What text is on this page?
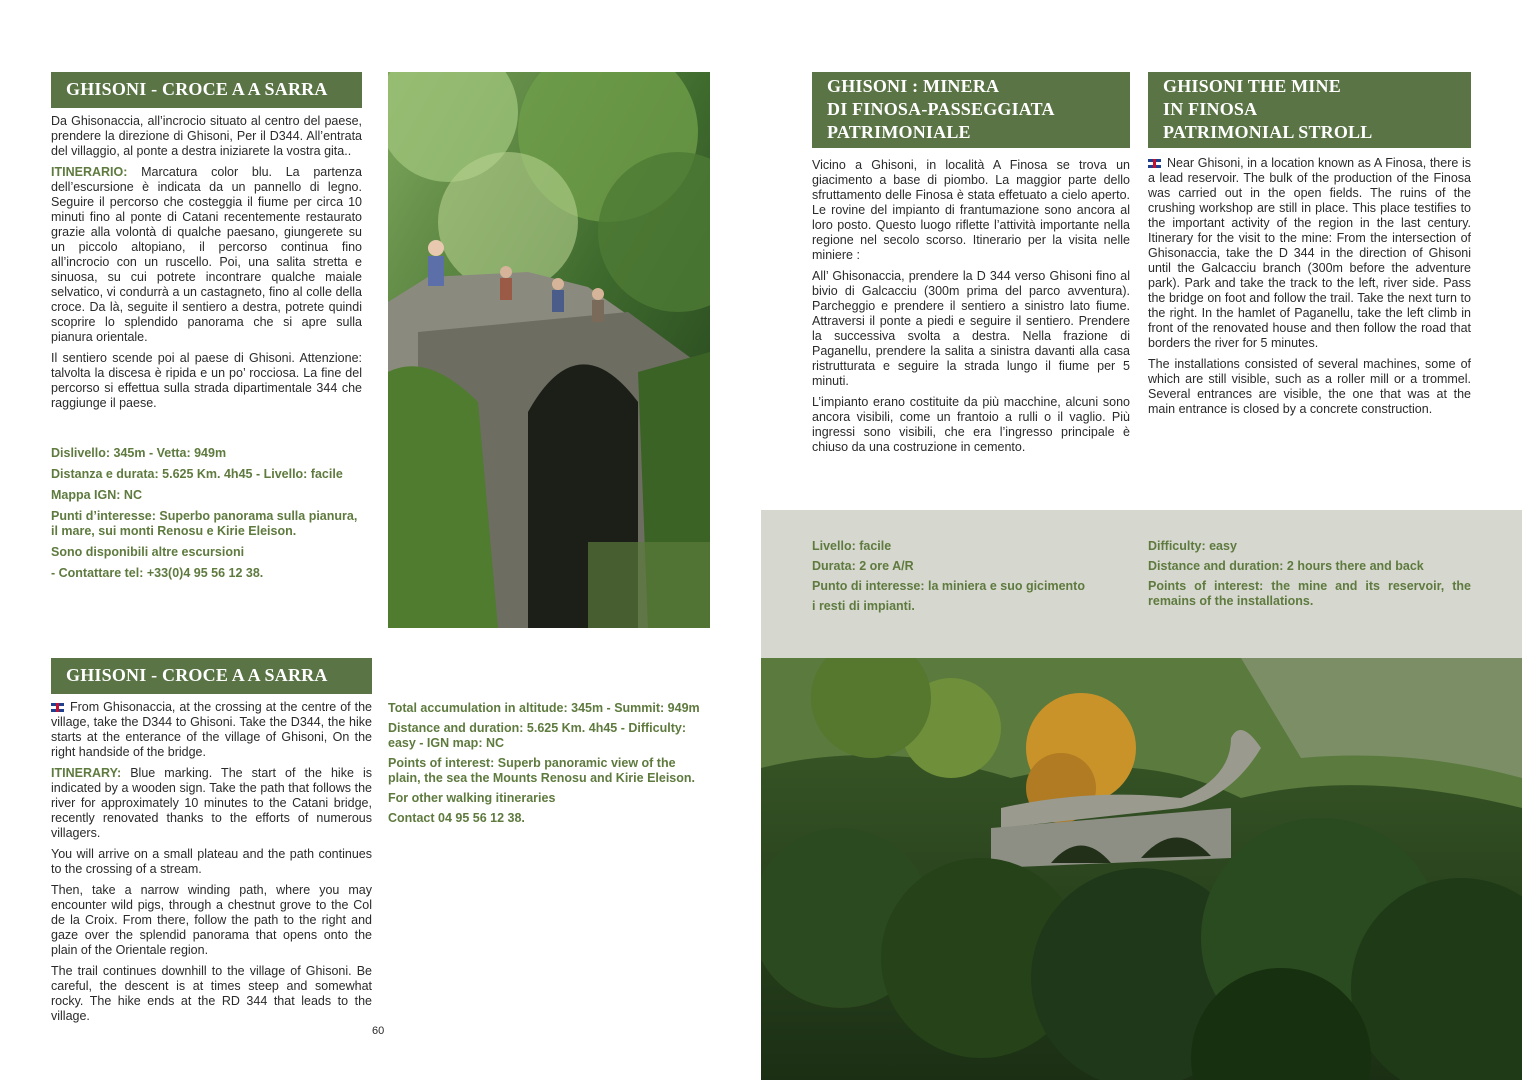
GHISONI - CROCE A A SARRA

Da Ghisonaccia, all’incrocio situato al centro del paese, prendere la direzione di Ghisoni, Per il D344. All’entrata del villaggio, al ponte a destra iniziarete la vostra gita..

ITINERARIO: Marcatura color blu. La partenza dell’escursione è indicata da un pannello di legno. Seguire il percorso che costeggia il fiume per circa 10 minuti fino al ponte di Catani recentemente restaurato grazie alla volontà di qualche paesano, giungerete su un piccolo altopiano, il percorso continua fino all’incrocio con un ruscello. Poi, una salita stretta e sinuosa, su cui potrete incontrare qualche maiale selvatico, vi condurrà a un castagneto, fino al colle della croce. Da là, seguite il sentiero a destra, potrete quindi scoprire lo splendido panorama che si apre sulla pianura orientale.

Il sentiero scende poi al paese di Ghisoni. Attenzione: talvolta la discesa è ripida e un po’ rocciosa. La fine del percorso si effettua sulla strada dipartimentale 344 che raggiunge il paese.

Dislivello: 345m - Vetta: 949m

Distanza e durata: 5.625 Km. 4h45 - Livello: facile

Mappa IGN: NC

Punti d’interesse: Superbo panorama sulla pianura, il mare, sui monti Renosu e Kirie Eleison.

Sono disponibili altre escursioni

- Contattare tel: +33(0)4 95 56 12 38.

GHISONI - CROCE A A SARRA

From Ghisonaccia, at the crossing at the centre of the village, take the D344 to Ghisoni. Take the D344, the hike starts at the enterance of the village of Ghisoni, On the right handside of the bridge.

ITINERARY: Blue marking. The start of the hike is indicated by a wooden sign. Take the path that follows the river for approximately 10 minutes to the Catani bridge, recently renovated thanks to the efforts of numerous villagers.

You will arrive on a small plateau and the path continues to the crossing of a stream.

Then, take a narrow winding path, where you may encounter wild pigs, through a chestnut grove to the Col de la Croix. From there, follow the path to the right and gaze over the splendid panorama that opens onto the plain of the Orientale region.

The trail continues downhill to the village of Ghisoni. Be careful, the descent is at times steep and somewhat rocky. The hike ends at the RD 344 that leads to the village.

Total accumulation in altitude: 345m - Summit: 949m

Distance and duration: 5.625 Km. 4h45 - Difficulty: easy - IGN map: NC

Points of interest: Superb panoramic view of the plain, the sea the Mounts Renosu and Kirie Eleison.

For other walking itineraries

Contact 04 95 56 12 38.

60
GHISONI : MINERA
DI FINOSA-PASSEGGIATA
PATRIMONIALE
GHISONI THE MINE
IN FINOSA
PATRIMONIAL STROLL

Vicino a Ghisoni, in località A Finosa se trova un giacimento a base di piombo. La maggior parte dello sfruttamento delle Finosa è stata effetuato a cielo aperto. Le rovine del impianto di frantumazione sono ancora al loro posto. Questo luogo riflette l’attività importante nella regione nel secolo scorso. Itinerario per la visita nelle miniere :

All’ Ghisonaccia, prendere la D 344 verso Ghisoni fino al bivio di Galcacciu (300m prima del parco avventura). Parcheggio e prendere il sentiero a sinistro lato fiume. Attraversi il ponte a piedi e seguire il sentiero. Prendere la successiva svolta a destra. Nella frazione di Paganellu, prendere la salita a sinistra davanti alla casa ristrutturata e seguire la strada lungo il fiume per 5 minuti.

L’impianto erano costituite da più macchine, alcuni sono ancora visibili, come un frantoio a rulli o il vaglio. Più ingressi sono visibili, che era l’ingresso principale è chiuso da una costruzione in cemento.

Near Ghisoni, in a location known as A Finosa, there is a lead reservoir. The bulk of the production of the Finosa was carried out in the open fields. The ruins of the crushing workshop are still in place. This place testifies to the important activity of the region in the last century. Itinerary for the visit to the mine: From the intersection of Ghisonaccia, take the D 344 in the direction of Ghisoni until the Galcacciu branch (300m before the adventure park). Park and take the track to the left, river side. Pass the bridge on foot and follow the trail. Take the next turn to the right. In the hamlet of Paganellu, take the left climb in front of the renovated house and then follow the road that borders the river for 5 minutes.

The installations consisted of several machines, some of which are still visible, such as a roller mill or a trommel. Several entrances are visible, the one that was at the main entrance is closed by a concrete construction.

Livello: facile

Durata: 2 ore A/R

Punto di interesse: la miniera e suo gicimento

i resti di impianti.

Difficulty: easy

Distance and duration: 2 hours there and back

Points of interest: the mine and its reservoir, the remains of the installations.
